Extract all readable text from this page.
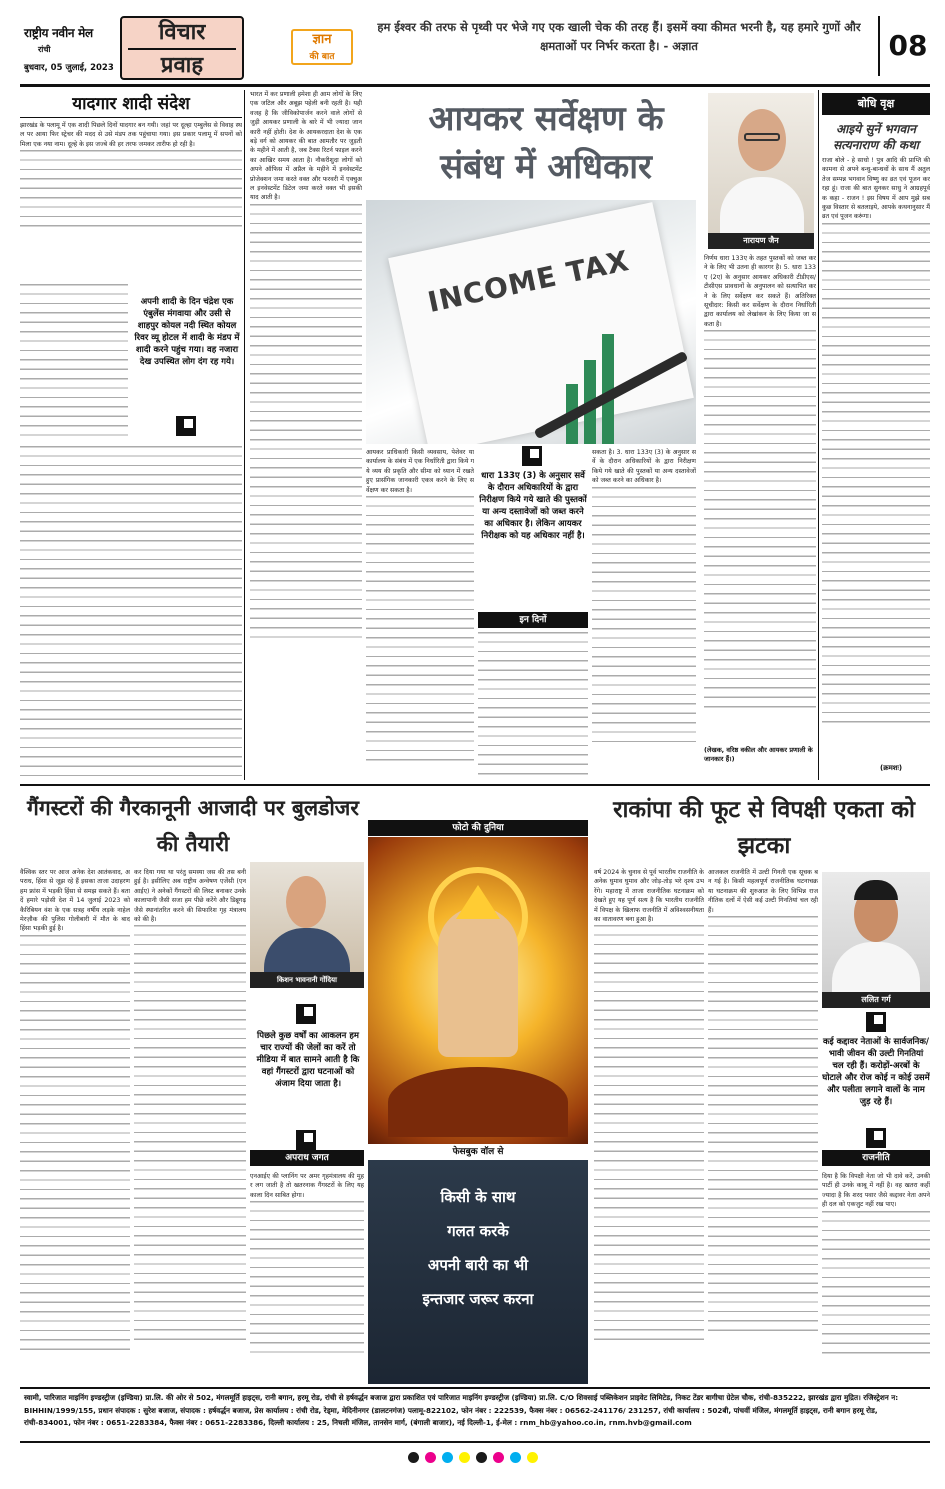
राष्ट्रीय नवीन मेल
रांची
बुधवार, 05 जुलाई, 2023
विचार
प्रवाह
ज्ञान
की बात
हम ईश्वर की तरफ से पृथ्वी पर भेजे गए एक खाली चेक की तरह हैं। इसमें क्या कीमत भरनी है, यह हमारे गुणों और क्षमताओं पर निर्भर करता है। - अज्ञात	08
यादगार शादी संदेश

झारखंड के पलामू में एक शादी पिछले दिनों यादगार बन गयी। जहां पर दूल्हा एम्बुलेंस से विवाह स्थल पर आया फिर स्ट्रेचर की मदद से उसे मंडप तक पहुंचाया गया। इस प्रकार पलामू में सपनों को मिला एक नया नाम। दूल्हे के इस जज्बे की हर तरफ जमकर तारीफ हो रही है।

अपनी शादी के दिन चंद्रेश एक एंबुलेंस मंगवाया और उसी से शाहपुर कोयल नदी स्थित कोयल रिवर व्यू होटल में शादी के मंडप में शादी करने पहुंच गया। वह नजारा देख उपस्थित लोग दंग रह गये।

भारत में कर प्रणाली हमेशा ही आम लोगों के लिए एक जटिल और अबूझ पहेली बनी रहती है। यही वजह है कि जीविकोपार्जन करने वाले लोगों से जुड़ी आयकर प्रणाली के बारे में भी ज्यादा जानकारी नहीं होती। देश के आयकरदाता देश के एक बड़े वर्ग को आयकर की बात आमतौर पर जुड़ती के महीने में आती है, जब टैक्स रिटर्न फाइल करने का आखिर समय आता है। नौकरीशुदा लोगों को अपने ऑफिस में अप्रैल के महीने में इनवेस्टमेंट प्रोजेक्शन जमा करते वक्त और फरवरी में एक्चुअल इनवेस्टमेंट डिटेल जमा करते वक्त भी इसकी याद आती है।

आयकर सर्वेक्षण के संबंध में अधिकार
INCOME TAX

आयकर प्राधिकारी किसी व्यवसाय, पेशेवर या कार्यालय के संबंध में एक निर्धारिती द्वारा किये गये व्यय की प्रकृति और सीमा को ध्यान में रखते हुए प्रासंगिक जानकारी एकत्र करने के लिए सर्वेक्षण कर सकता है।

धारा 133ए (3) के अनुसार सर्वे के दौरान अधिकारियों के द्वारा निरीक्षण किये गये खाते की पुस्तकों या अन्य दस्तावेजों को जब्त करने का अधिकार है। लेकिन आयकर निरीक्षक को यह अधिकार नहीं है।
इन दिनों

सकता है। 3. धारा 133ए (3) के अनुसार सर्वे के दौरान अधिकारियों के द्वारा निरीक्षण किये गये खाते की पुस्तकों या अन्य दस्तावेजों को जब्त करने का अधिकार है।

नारायण जैन

निर्णय धारा 133ए के तहत पुस्तकों को जब्त करने के लिए भी उतना ही कारगर है। 5. धारा 133ए (2ए) के अनुसार आयकर अधिकारी टीडीएस/टीसीएस प्रावधानों के अनुपालन को सत्यापित करने के लिए सर्वेक्षण कर सकते हैं। अतिरिक्त सूचीदार: किसी कर सर्वेक्षण के दौरान निर्धारिती द्वारा कार्यालय को लेखांकन के लिए किया जा सकता है।

(लेखक, वरिष्ठ वकील और आयकर प्रणाली के जानकार हैं।)
बोधि वृक्ष
आइये सुनें भगवान सत्यनाराण की कथा

राजा बोले - हे साधो ! पुत्र आदि की प्राप्ति की कामना से अपने बन्धु-बान्धवों के साथ मैं अतुल तेज सम्पन्न भगवान विष्णु का व्रत एवं पूजन कर रहा हूं। राजा की बात सुनकर साधु ने आग्रहपूर्वक कहा - राजन ! इस विषय में आप मुझे सब कुछ विस्तार से बतलाइये, आपके कथनानुसार मैं व्रत एवं पूजन करूंगा।

(क्रमशः)
गैंगस्टरों की गैरकानूनी आजादी पर बुलडोजर की तैयारी

वैश्विक स्तर पर आज अनेक देश आतंकवाद, अपराध, हिंसा से जूझ रहे हैं इसका ताजा उदाहरण हम फ्रांस में भड़की हिंसा से समझ सकते हैं। बता दें हमारे पड़ोसी देश में 14 जुलाई 2023 को कैरिबियन वंश के एक सत्रह वर्षीय लड़के नाहेल मेरज़ौक की पुलिस गोलीबारी में मौत के बाद हिंसा भड़की हुई है।

कर दिया गया था परंतु समस्या जस की तस बनी हुई है। इसीलिए अब राष्ट्रीय अन्वेषण एजेंसी (एनआईए) ने अनेकों गैंगस्टरों की लिस्ट बनाकर उनके कालापानी जैसी सजा हम पीछे करेंगे और डिब्रूगढ़ जैसे स्थानांतरित करने की सिफारिश गृह मंत्रालय को की है।

किशन भावनानी गोंदिया
पिछले कुछ वर्षों का आकलन हम चार राज्यों की जेलों का करें तो मीडिया में बात सामने आती है कि वहां गैंगस्टरों द्वारा घटनाओं को अंजाम दिया जाता है।
अपराध जगत

एनआईए की प्लानिंग पर अमर गृहमंत्रालय की मुहर लग जाती है तो खतरनाक गैंगस्टरों के लिए यह काला दिन साबित होगा।

फोटो की दुनिया
फेसबुक वॉल से
किसी के साथ
गलत करके
अपनी बारी का भी
इन्तजार जरूर करना
राकांपा की फूट से विपक्षी एकता को झटका

वर्ष 2024 के चुनाव से पूर्व भारतीय राजनीति के अनेक घुमाव घुमाव और जोड़-तोड़ भरे दृश्य उभरेंगे। महाराष्ट्र में ताजा राजनीतिक घटनाक्रम को देखते हुए यह पूर्ण सत्य है कि भारतीय राजनीति में विपक्ष के खिलाफ राजनीति में अविश्वसनीयता का वातावरण बना हुआ है।

आजकल राजनीति में उल्टी गिनती एक सूचक बन गई है। किसी महत्वपूर्ण राजनीतिक घटनाचक्र या घटनाक्रम की शुरुआत के लिए विभिन्न राजनीतिक दलों में ऐसी कई उल्टी गिनतियां चल रही हैं।

ललित गर्ग
कई कद्दावर नेताओं के सार्वजनिक/ भावी जीवन की उल्टी गिनतियां चल रही हैं। करोड़ों-अरबों के घोटाले और रोज कोई न कोई उसमें और पलीता लगाने वालों के नाम जुड़ रहे हैं।
राजनीति

दिया है कि विपक्षी नेता जो भी दावे करें, उनकी पार्टी ही उनके काबू में नहीं है। वह खतरा कहीं ज्यादा है कि शरद पवार जैसे कद्दावर नेता अपने ही दल को एकजुट नहीं रख पाए।

स्वामी, पारिजात माइनिंग इण्डस्ट्रीज (इण्डिया) प्रा.लि. की ओर से 502, मंगलमूर्ति हाइट्स, रानी बगान, हरमू रोड, रांची से हर्षवर्द्धन बजाज द्वारा प्रकाशित एवं पारिजात माइनिंग इण्डस्ट्रीज (इण्डिया) प्रा.लि. C/O शिवसाई पब्लिकेशन प्राइवेट लिमिटेड, निकट टेंडर बागीचा ग्रेटेल चौक, रांची-835222, झारखंड द्वारा मुद्रित। रजिस्ट्रेशन न: BIHHIN/1999/155, प्रधान संपादक : सुरेश बजाज, संपादक : हर्षवर्द्धन बजाज, प्रेस कार्यालय : रांची रोड, रेड्मा, मेदिनीनगर (डालटनगंज) पलामू-822102, फोन नंबर : 222539, फैक्स नंबर : 06562-241176/ 231257, रांची कार्यालय : 502बी, पांचवीं मंजिल, मंगलमूर्ति हाइट्स, रानी बगान हरमू रोड, रांची-834001, फोन नंबर : 0651-2283384, फैक्स नंबर : 0651-2283386, दिल्ली कार्यालय : 25, निचली मंजिल, तानसेन मार्ग, (बंगाली बाजार), नई दिल्ली-1, ई-मेल : rnm_hb@yahoo.co.in, rnm.hvb@gmail.com
